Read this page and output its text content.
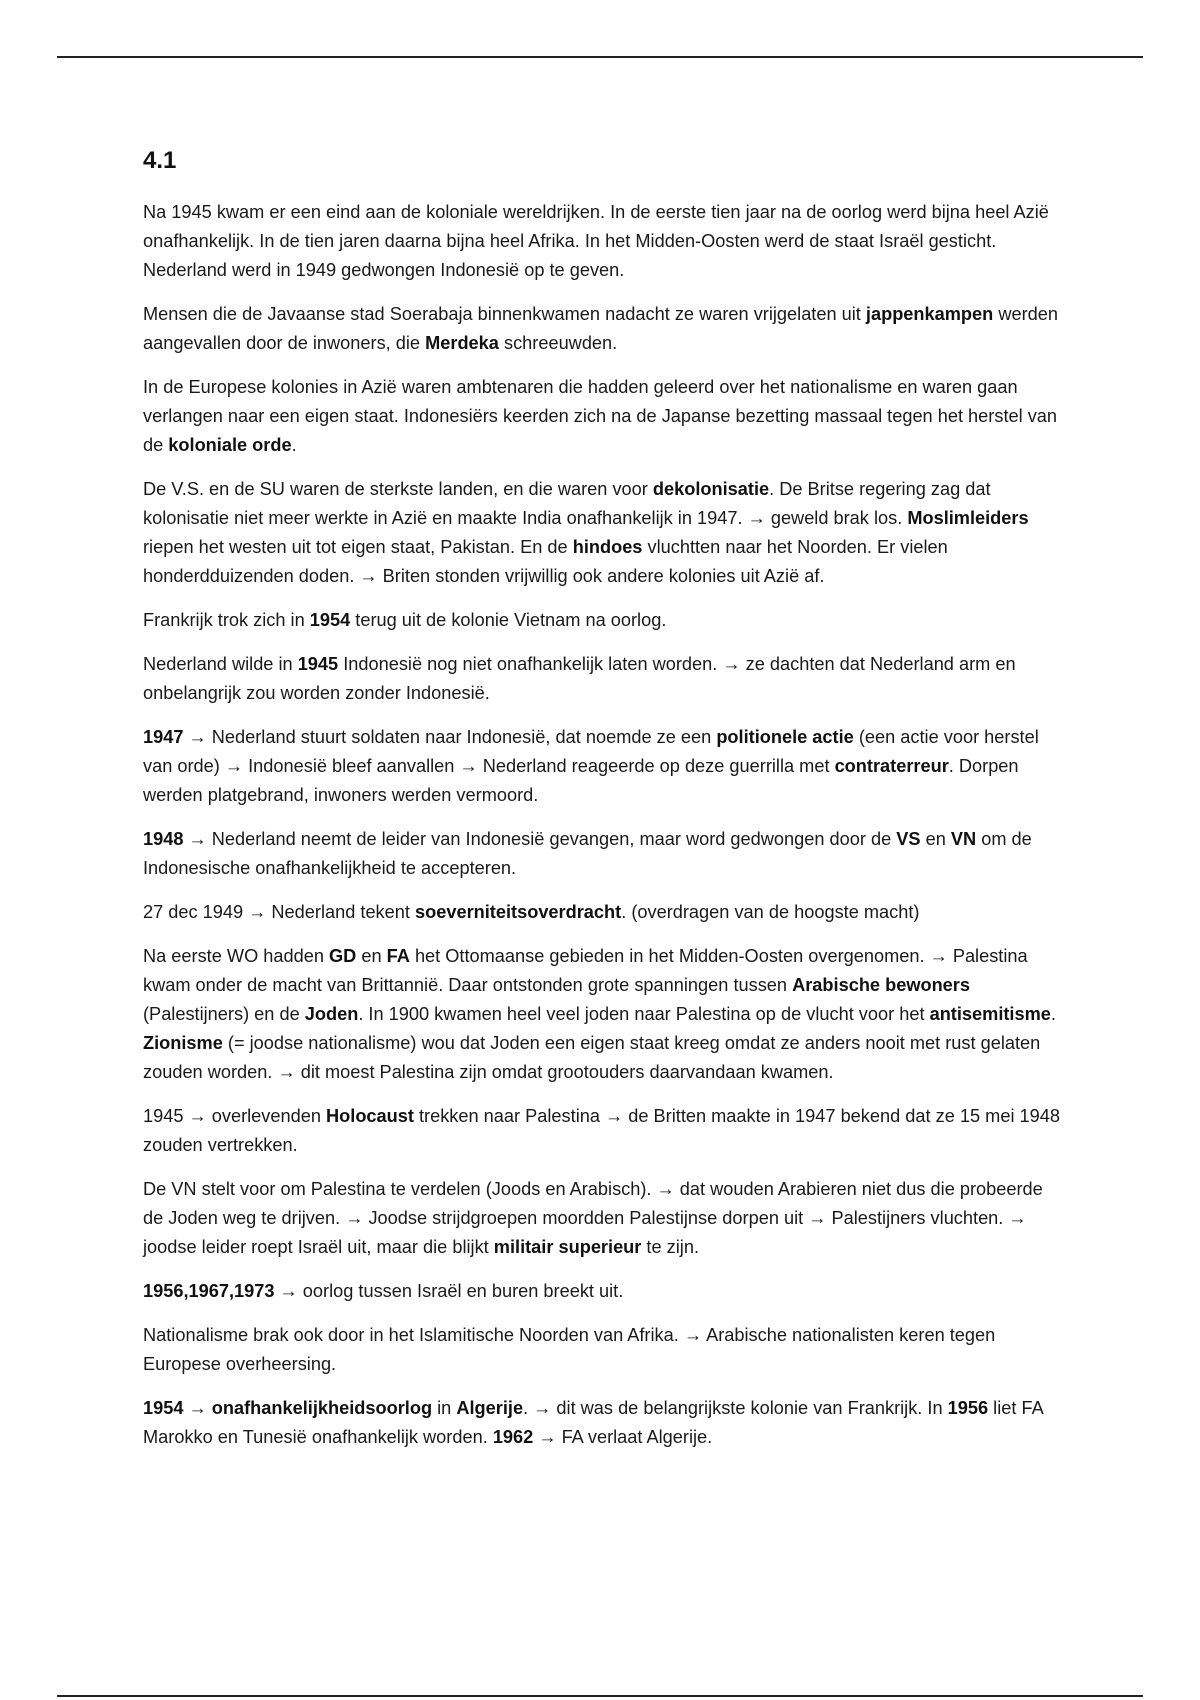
4.1

Na 1945 kwam er een eind aan de koloniale wereldrijken. In de eerste tien jaar na de oorlog werd bijna heel Azië onafhankelijk. In de tien jaren daarna bijna heel Afrika. In het Midden-Oosten werd de staat Israël gesticht. Nederland werd in 1949 gedwongen Indonesië op te geven.

Mensen die de Javaanse stad Soerabaja binnenkwamen nadacht ze waren vrijgelaten uit jappenkampen werden aangevallen door de inwoners, die Merdeka schreeuwden.

In de Europese kolonies in Azië waren ambtenaren die hadden geleerd over het nationalisme en waren gaan verlangen naar een eigen staat. Indonesiërs keerden zich na de Japanse bezetting massaal tegen het herstel van de koloniale orde.

De V.S. en de SU waren de sterkste landen, en die waren voor dekolonisatie. De Britse regering zag dat kolonisatie niet meer werkte in Azië en maakte India onafhankelijk in 1947. → geweld brak los. Moslimleiders riepen het westen uit tot eigen staat, Pakistan. En de hindoes vluchtten naar het Noorden. Er vielen honderdduizenden doden. → Briten stonden vrijwillig ook andere kolonies uit Azië af.

Frankrijk trok zich in 1954 terug uit de kolonie Vietnam na oorlog.

Nederland wilde in 1945 Indonesië nog niet onafhankelijk laten worden. → ze dachten dat Nederland arm en onbelangrijk zou worden zonder Indonesië.

1947 → Nederland stuurt soldaten naar Indonesië, dat noemde ze een politionele actie (een actie voor herstel van orde) → Indonesië bleef aanvallen → Nederland reageerde op deze guerrilla met contraterreur. Dorpen werden platgebrand, inwoners werden vermoord.

1948 → Nederland neemt de leider van Indonesië gevangen, maar word gedwongen door de VS en VN om de Indonesische onafhankelijkheid te accepteren.

27 dec 1949 → Nederland tekent soeverniteitsoverdracht. (overdragen van de hoogste macht)

Na eerste WO hadden GD en FA het Ottomaanse gebieden in het Midden-Oosten overgenomen. → Palestina kwam onder de macht van Brittannië. Daar ontstonden grote spanningen tussen Arabische bewoners (Palestijners) en de Joden. In 1900 kwamen heel veel joden naar Palestina op de vlucht voor het antisemitisme. Zionisme (= joodse nationalisme) wou dat Joden een eigen staat kreeg omdat ze anders nooit met rust gelaten zouden worden. → dit moest Palestina zijn omdat grootouders daarvandaan kwamen.

1945 → overlevenden Holocaust trekken naar Palestina → de Britten maakte in 1947 bekend dat ze 15 mei 1948 zouden vertrekken.

De VN stelt voor om Palestina te verdelen (Joods en Arabisch). → dat wouden Arabieren niet dus die probeerde de Joden weg te drijven. → Joodse strijdgroepen moordden Palestijnse dorpen uit → Palestijners vluchten. → joodse leider roept Israël uit, maar die blijkt militair superieur te zijn.

1956,1967,1973 → oorlog tussen Israël en buren breekt uit.

Nationalisme brak ook door in het Islamitische Noorden van Afrika. → Arabische nationalisten keren tegen Europese overheersing.

1954 → onafhankelijkheidsoorlog in Algerije. → dit was de belangrijkste kolonie van Frankrijk. In 1956 liet FA Marokko en Tunesië onafhankelijk worden. 1962 → FA verlaat Algerije.
